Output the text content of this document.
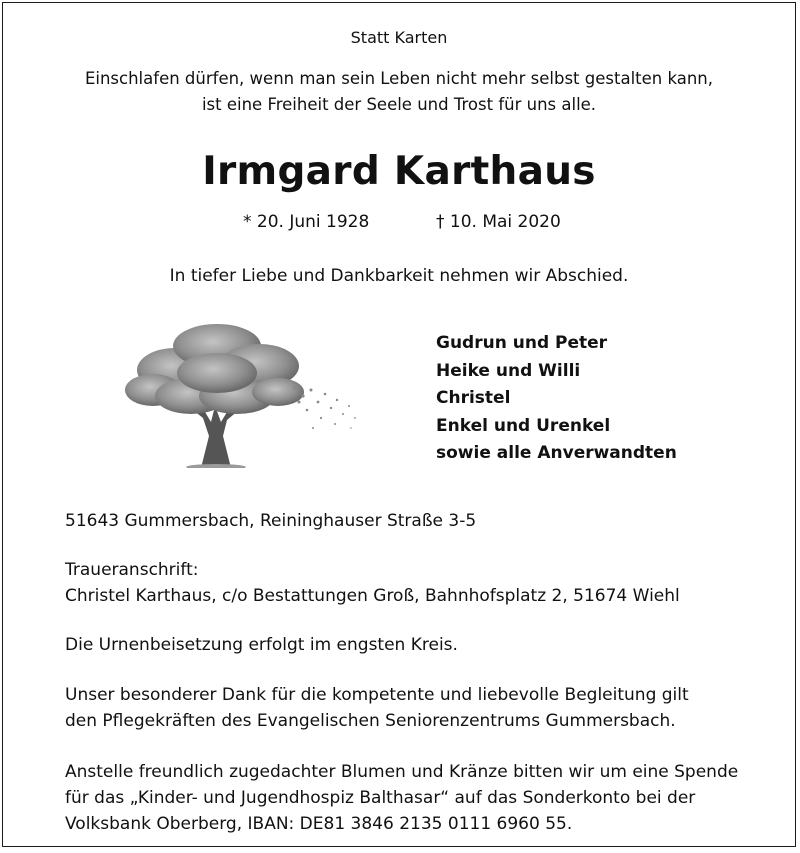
Statt Karten
Einschlafen dürfen, wenn man sein Leben nicht mehr selbst gestalten kann,
ist eine Freiheit der Seele und Trost für uns alle.
Irmgard Karthaus
* 20. Juni 1928	† 10. Mai 2020
In tiefer Liebe und Dankbarkeit nehmen wir Abschied.
Gudrun und Peter
Heike und Willi
Christel
Enkel und Urenkel
sowie alle Anverwandten
51643 Gummersbach, Reininghauser Straße 3-5
Traueranschrift:
Christel Karthaus, c/o Bestattungen Groß, Bahnhofsplatz 2, 51674 Wiehl
Die Urnenbeisetzung erfolgt im engsten Kreis.
Unser besonderer Dank für die kompetente und liebevolle Begleitung gilt
den Pflegekräften des Evangelischen Seniorenzentrums Gummersbach.
Anstelle freundlich zugedachter Blumen und Kränze bitten wir um eine Spende
für das „Kinder- und Jugendhospiz Balthasar“ auf das Sonderkonto bei der
Volksbank Oberberg, IBAN: DE81 3846 2135 0111 6960 55.
